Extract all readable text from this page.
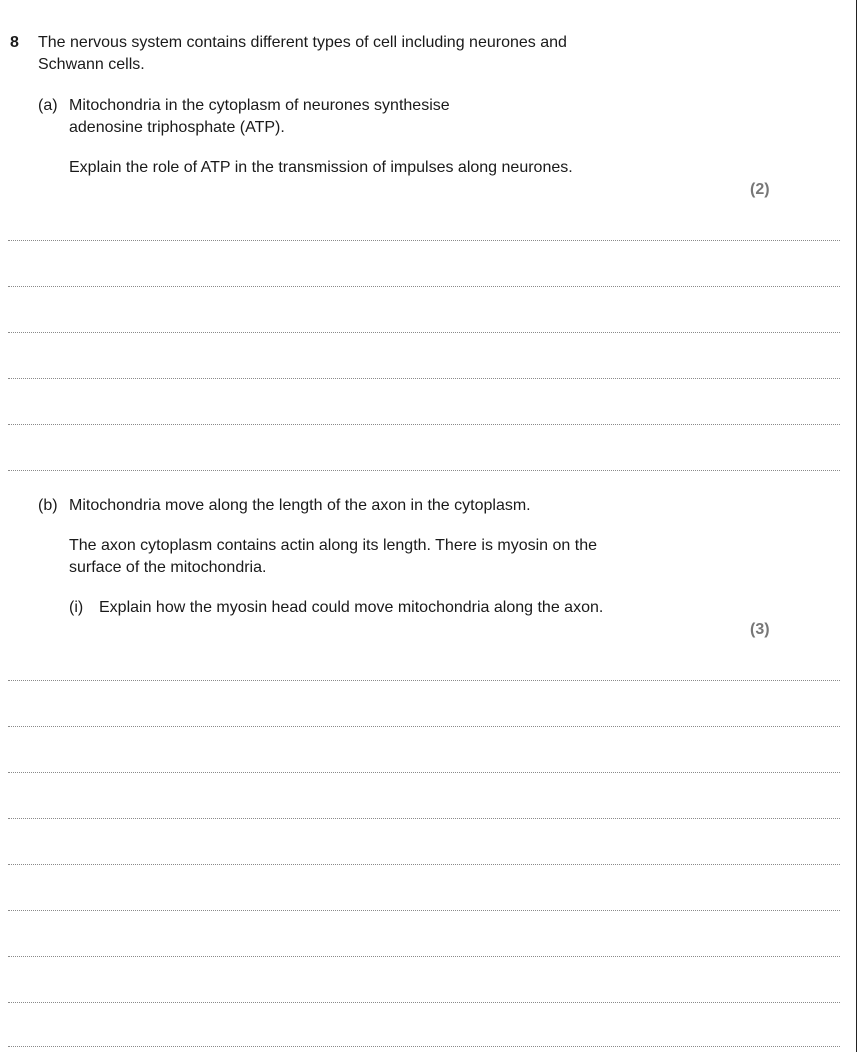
8 The nervous system contains different types of cell including neurones and
Schwann cells.
(a) Mitochondria in the cytoplasm of neurones synthesise
adenosine triphosphate (ATP).
Explain the role of ATP in the transmission of impulses along neurones.
(2)
(b) Mitochondria move along the length of the axon in the cytoplasm.
The axon cytoplasm contains actin along its length. There is myosin on the
surface of the mitochondria.
(i) Explain how the myosin head could move mitochondria along the axon.
(3)
